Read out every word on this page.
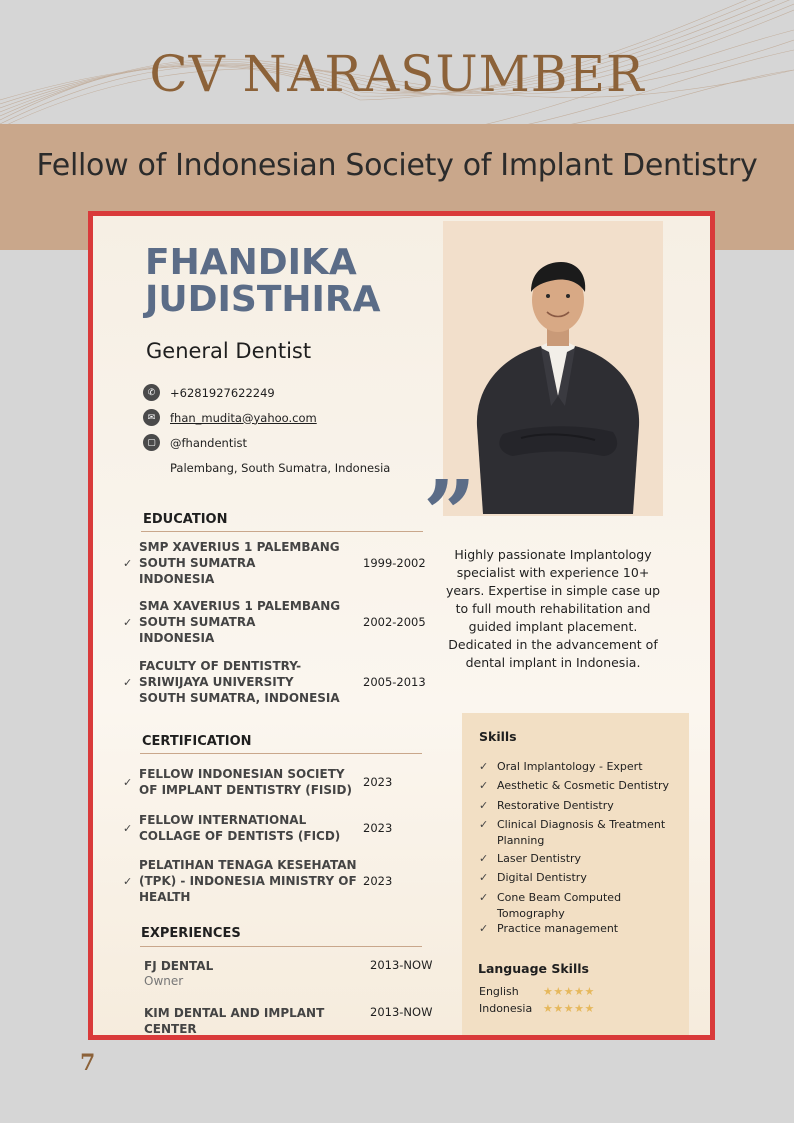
CV NARASUMBER
Fellow of Indonesian Society of Implant Dentistry
FHANDIKA
JUDISTHIRA
General Dentist
✆	+6281927622249
✉	fhan_mudita@yahoo.com
▢	@fhandentist
Palembang, South Sumatra, Indonesia ”
Highly passionate Implantology specialist with experience 10+ years. Expertise in simple case up to full mouth rehabilitation and guided implant placement. Dedicated in the advancement of dental implant in Indonesia.
EDUCATION
✓
SMP XAVERIUS 1 PALEMBANG
SOUTH SUMATRA
INDONESIA
1999-2002
✓
SMA XAVERIUS 1 PALEMBANG
SOUTH SUMATRA
INDONESIA
2002-2005
✓
FACULTY OF DENTISTRY-
SRIWIJAYA UNIVERSITY
SOUTH SUMATRA, INDONESIA
2005-2013
CERTIFICATION
✓
FELLOW INDONESIAN SOCIETY
OF IMPLANT DENTISTRY (FISID)
2023
✓
FELLOW INTERNATIONAL
COLLAGE OF DENTISTS (FICD)
2023
✓
PELATIHAN TENAGA KESEHATAN
(TPK) - INDONESIA MINISTRY OF
HEALTH
2023
EXPERIENCES
FJ DENTAL
Owner
2013-NOW
KIM DENTAL AND IMPLANT CENTER
2013-NOW
Skills
✓ Oral Implantology - Expert
✓ Aesthetic & Cosmetic Dentistry
✓ Restorative Dentistry
✓ Clinical Diagnosis & Treatment Planning
✓ Laser Dentistry
✓ Digital Dentistry
✓ Cone Beam Computed Tomography
✓ Practice management
Language Skills
English	★ ★ ★ ★ ★
Indonesia ★ ★ ★ ★ ★
7
